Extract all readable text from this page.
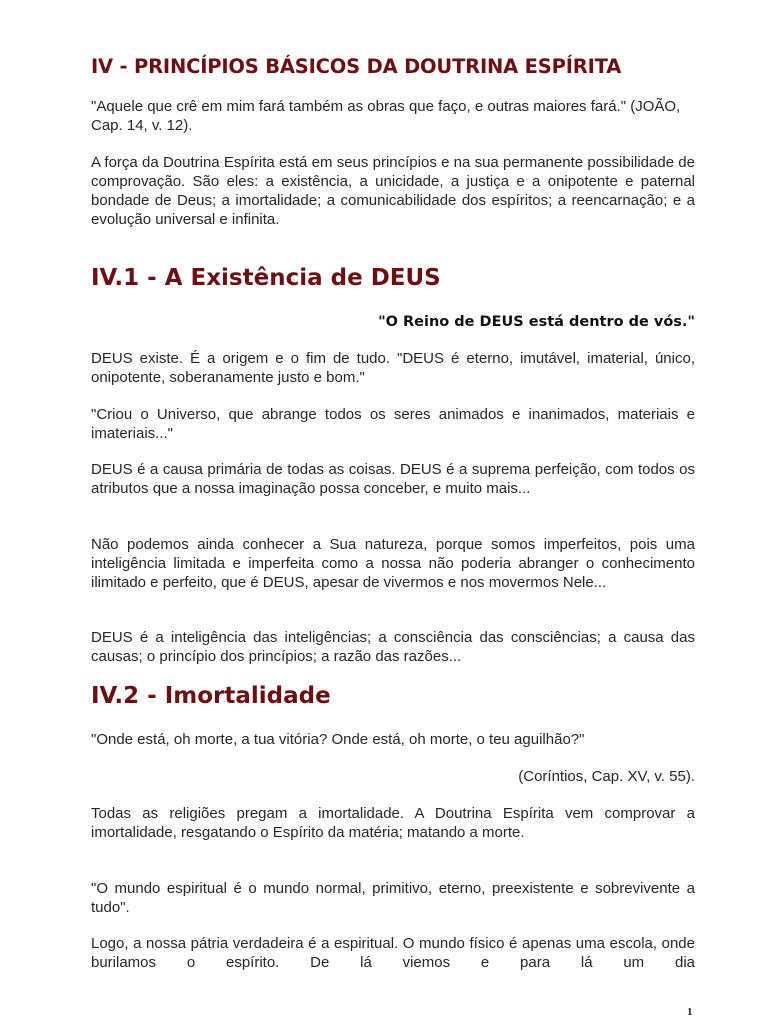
IV - PRINCÍPIOS BÁSICOS DA DOUTRINA ESPÍRITA

"Aquele que crê em mim fará também as obras que faço, e outras maiores fará." (JOÃO, Cap. 14, v. 12).

A força da Doutrina Espírita está em seus princípios e na sua permanente possibilidade de comprovação. São eles: a existência, a unicidade, a justiça e a onipotente e paternal bondade de Deus; a imortalidade; a comunicabilidade dos espíritos; a reencarnação; e a evolução universal e infinita.

IV.1 - A Existência de DEUS

"O Reino de DEUS está dentro de vós."

DEUS existe. É a origem e o fim de tudo. "DEUS é eterno, imutável, imaterial, único, onipotente, soberanamente justo e bom."

"Criou o Universo, que abrange todos os seres animados e inanimados, materiais e imateriais..."

DEUS é a causa primária de todas as coisas. DEUS é a suprema perfeição, com todos os atributos que a nossa imaginação possa conceber, e muito mais...

Não podemos ainda conhecer a Sua natureza, porque somos imperfeitos, pois uma inteligência limitada e imperfeita como a nossa não poderia abranger o conhecimento ilimitado e perfeito, que é DEUS, apesar de vivermos e nos movermos Nele...

DEUS é a inteligência das inteligências; a consciência das consciências; a causa das causas; o princípio dos princípios; a razão das razões...

IV.2 - Imortalidade

"Onde está, oh morte, a tua vitória? Onde está, oh morte, o teu aguilhão?"

(Coríntios, Cap. XV, v. 55).

Todas as religiões pregam a imortalidade. A Doutrina Espírita vem comprovar a imortalidade, resgatando o Espírito da matéria; matando a morte.

"O mundo espiritual é o mundo normal, primitivo, eterno, preexistente e sobrevivente a tudo".

Logo, a nossa pátria verdadeira é a espiritual. O mundo físico é apenas uma escola, onde burilamos o espírito. De lá viemos e para lá um dia

1
